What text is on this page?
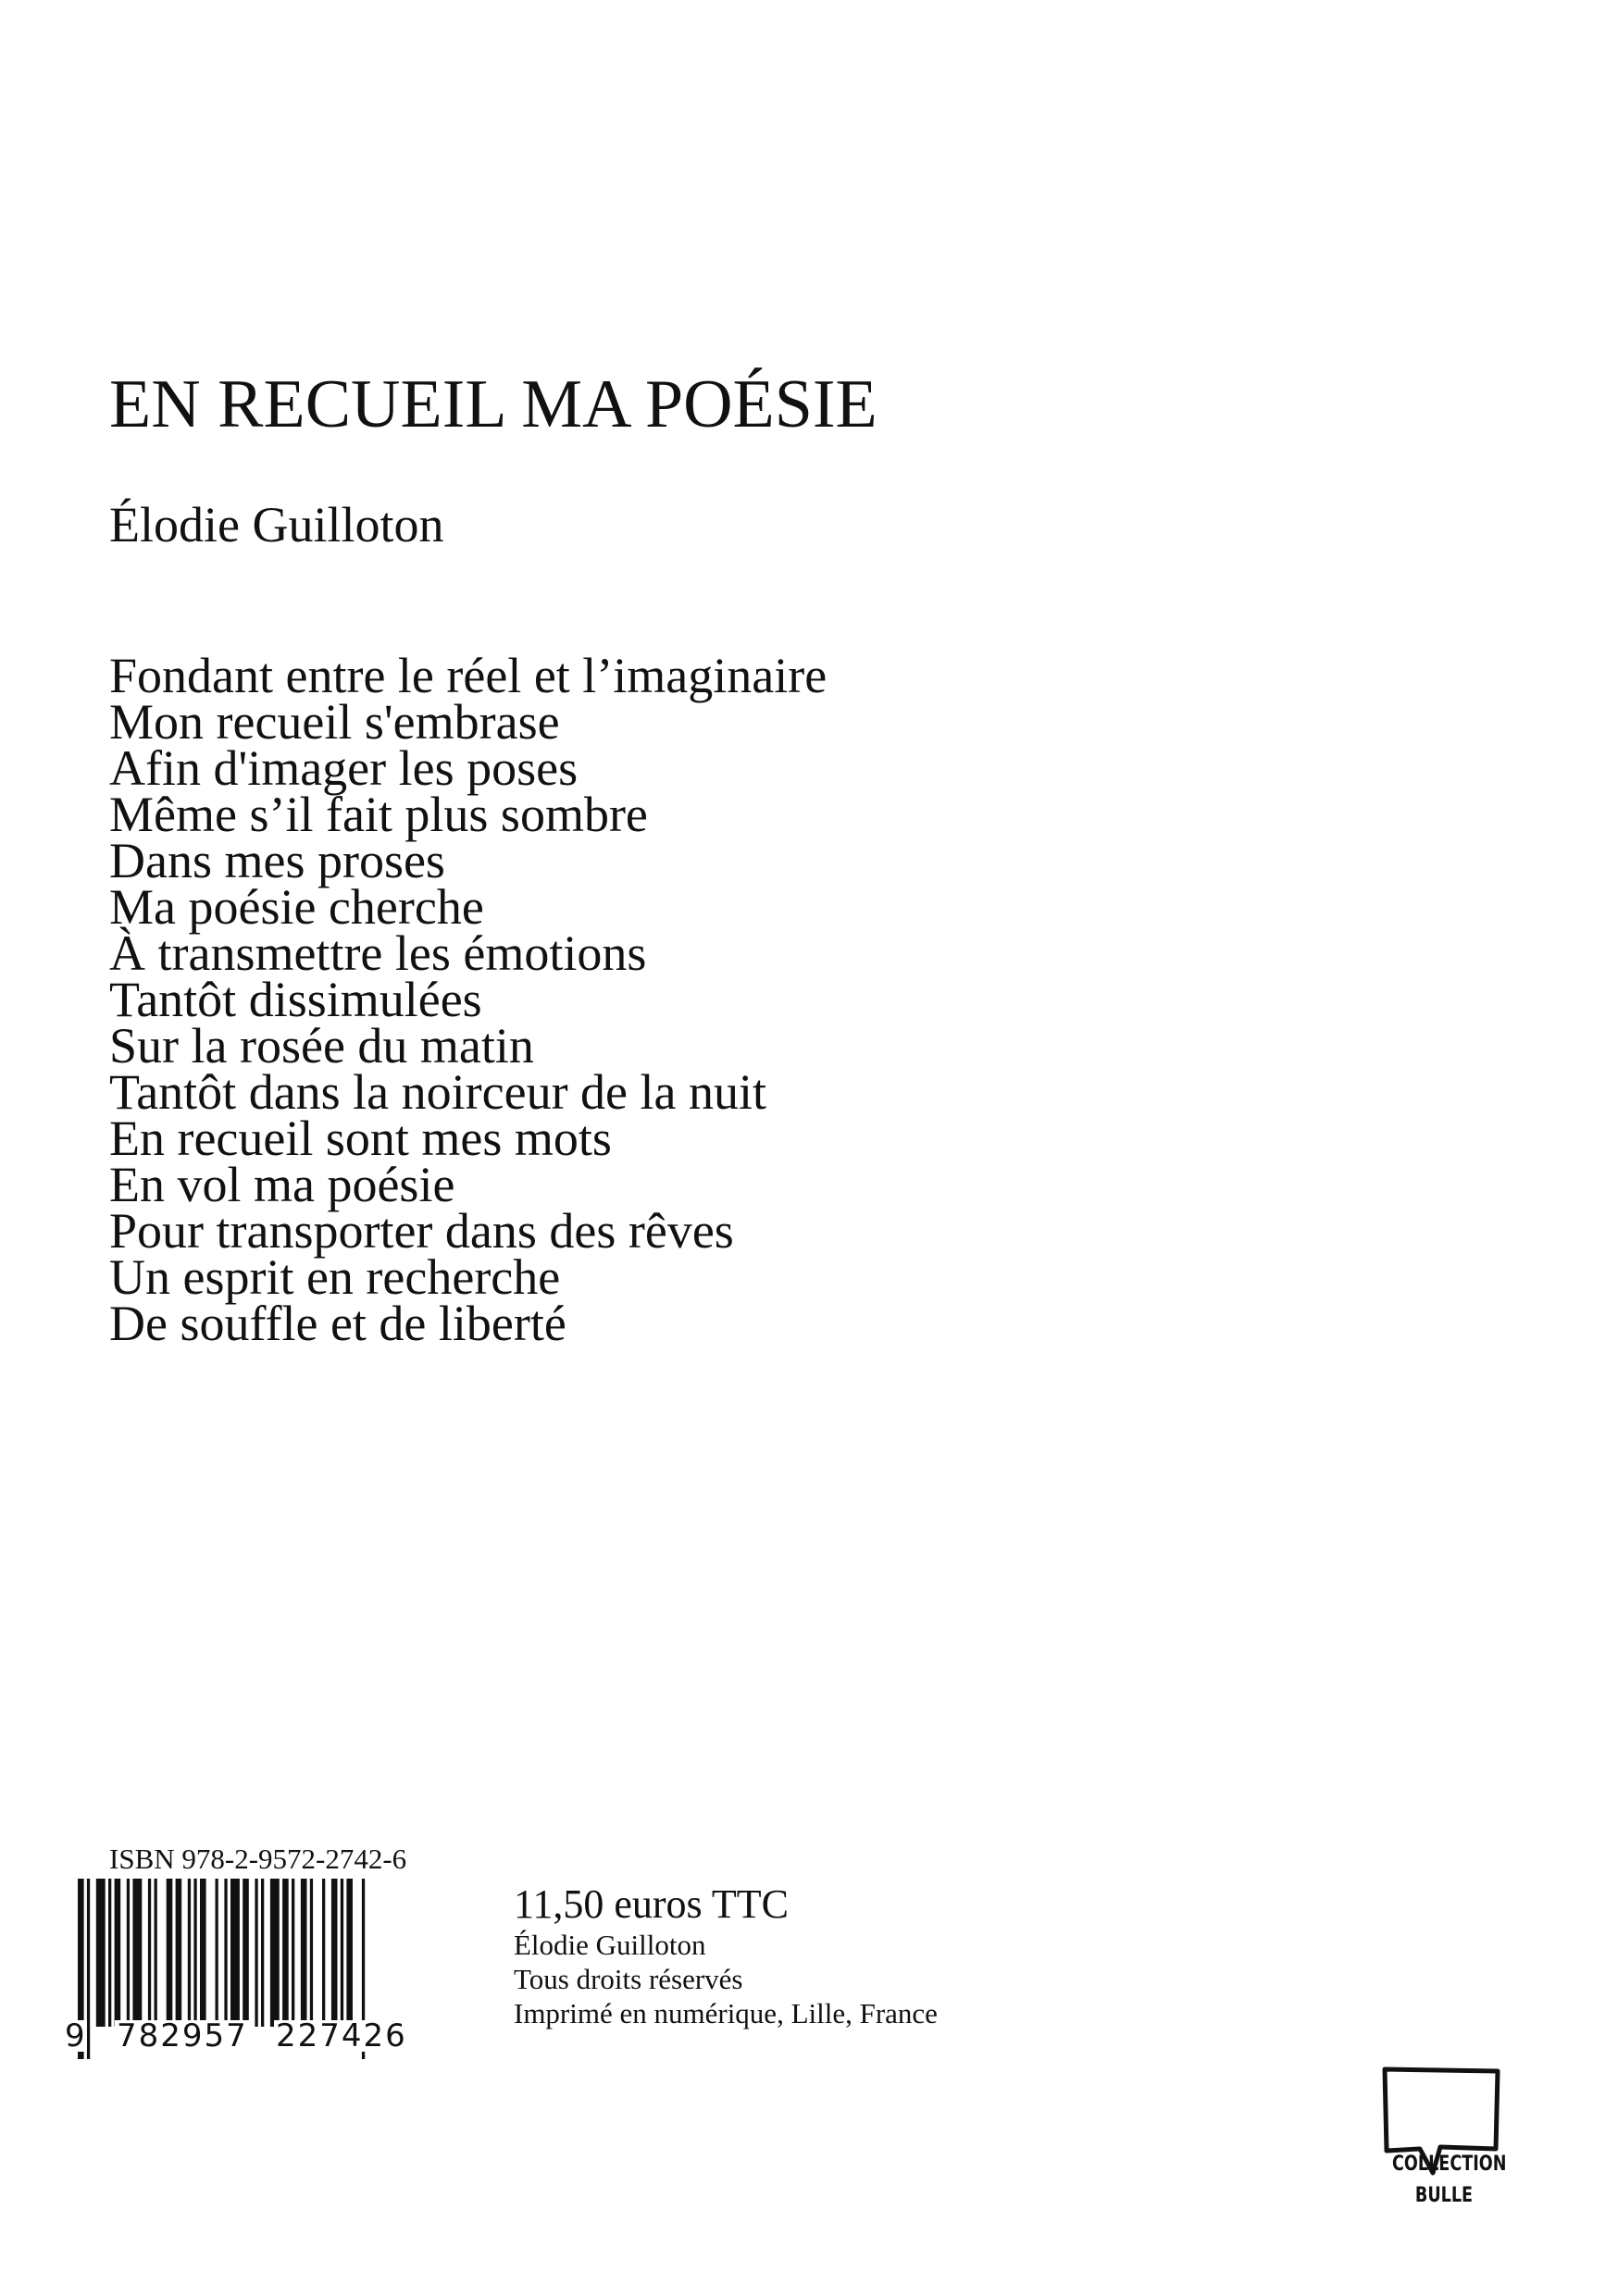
EN RECUEIL MA POÉSIE
Élodie Guilloton
Fondant entre le réel et l’imaginaire
Mon recueil s'embrase
Afin d'imager les poses
Même s’il fait plus sombre
Dans mes proses
Ma poésie cherche
À transmettre les émotions
Tantôt dissimulées
Sur la rosée du matin
Tantôt dans la noirceur de la nuit
En recueil sont mes mots
En vol ma poésie
Pour transporter dans des rêves
Un esprit en recherche
De souffle et de liberté
ISBN 978-2-9572-2742-6
9 782957 227426
11,50 euros TTC
Élodie Guilloton
Tous droits réservés
Imprimé en numérique, Lille, France
COLLECTION
BULLE
